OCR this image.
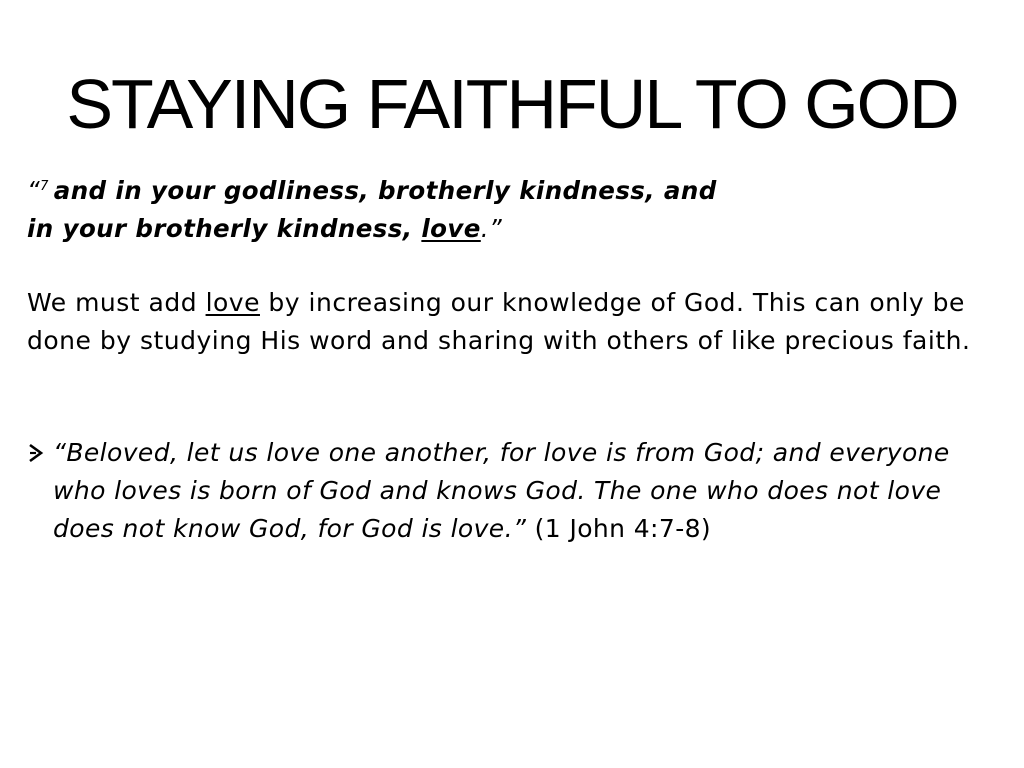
STAYING FAITHFUL TO GOD
“$^7$ and in your godliness, brotherly kindness, and
in your brotherly kindness, love.”
We must add love by increasing our knowledge of God. This can only be done by studying His word and sharing with others of like precious faith.
“Beloved, let us love one another, for love is from God; and everyone who loves is born of God and knows God. The one who does not love does not know God, for God is love.” (1 John 4:7-8)
